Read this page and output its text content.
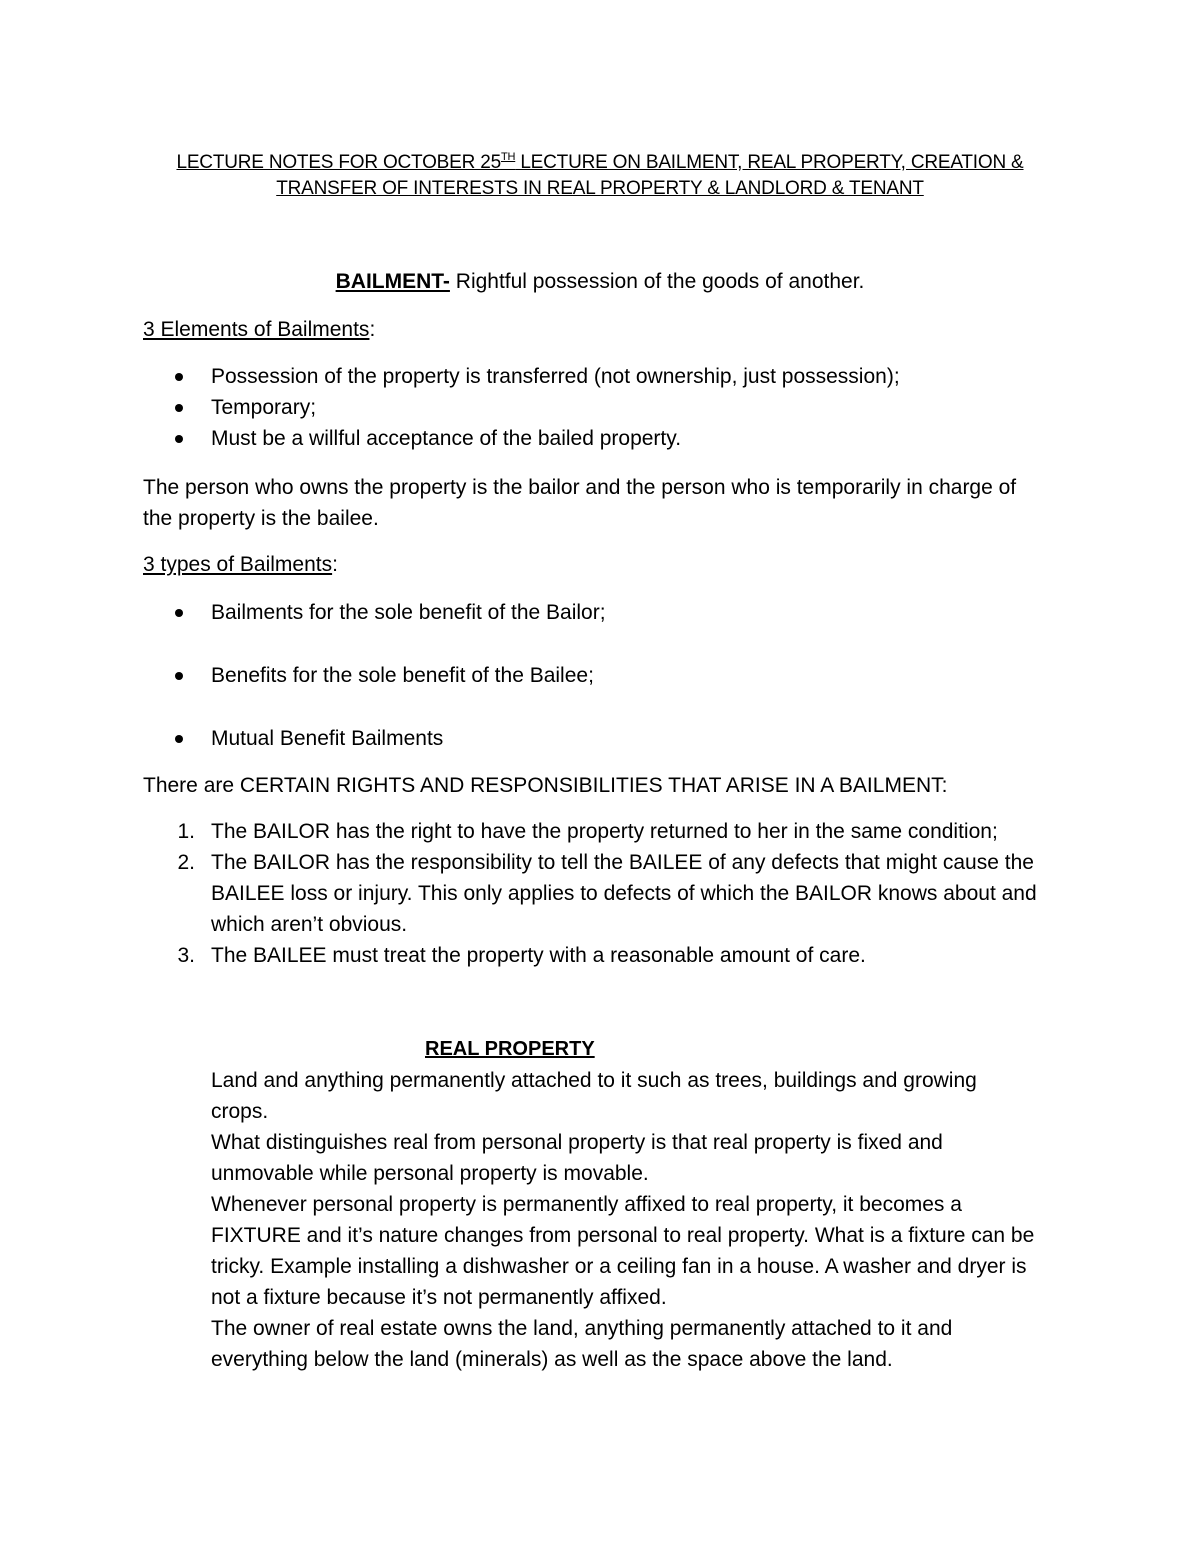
LECTURE NOTES FOR OCTOBER 25TH LECTURE ON BAILMENT, REAL PROPERTY, CREATION &
TRANSFER OF INTERESTS IN REAL PROPERTY & LANDLORD & TENANT
BAILMENT- Rightful possession of the goods of another.
3 Elements of Bailments:
Possession of the property is transferred (not ownership, just possession);
Temporary;
Must be a willful acceptance of the bailed property.
The person who owns the property is the bailor and the person who is temporarily in charge of
the property is the bailee.
3 types of Bailments:
Bailments for the sole benefit of the Bailor;
Benefits for the sole benefit of the Bailee;
Mutual Benefit Bailments
There are CERTAIN RIGHTS AND RESPONSIBILITIES THAT ARISE IN A BAILMENT:
1. The BAILOR has the right to have the property returned to her in the same condition;
2. The BAILOR has the responsibility to tell the BAILEE of any defects that might cause the
BAILEE loss or injury. This only applies to defects of which the BAILOR knows about and
which aren’t obvious.
3. The BAILEE must treat the property with a reasonable amount of care.
REAL PROPERTY
Land and anything permanently attached to it such as trees, buildings and growing
crops.
What distinguishes real from personal property is that real property is fixed and
unmovable while personal property is movable.
Whenever personal property is permanently affixed to real property, it becomes a
FIXTURE and it’s nature changes from personal to real property. What is a fixture can be
tricky. Example installing a dishwasher or a ceiling fan in a house. A washer and dryer is
not a fixture because it’s not permanently affixed.
The owner of real estate owns the land, anything permanently attached to it and
everything below the land (minerals) as well as the space above the land.
